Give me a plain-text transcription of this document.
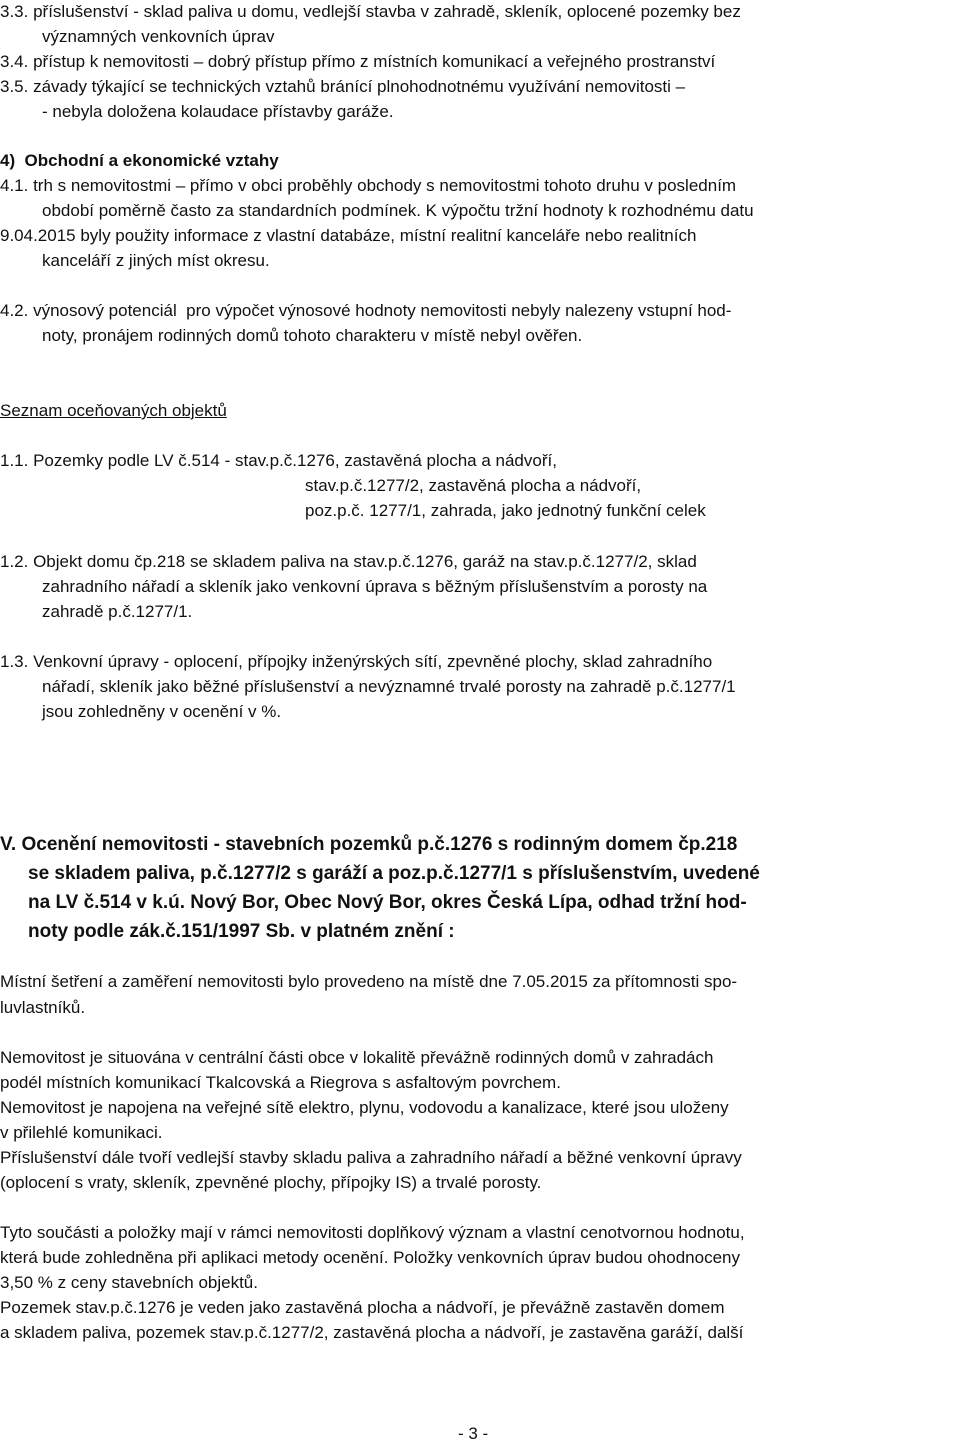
3.3. příslušenství - sklad paliva u domu, vedlejší stavba v zahradě, skleník, oplocené pozemky bez
významných venkovních úprav
3.4. přístup k nemovitosti – dobrý přístup přímo z místních komunikací a veřejného prostranství
3.5. závady týkající se technických vztahů bránící plnohodnotnému využívání nemovitosti –
- nebyla doložena kolaudace přístavby garáže.
4)  Obchodní a ekonomické vztahy
4.1. trh s nemovitostmi – přímo v obci proběhly obchody s nemovitostmi tohoto druhu v posledním
období poměrně často za standardních podmínek. K výpočtu tržní hodnoty k rozhodnému datu
9.04.2015 byly použity informace z vlastní databáze, místní realitní kanceláře nebo realitních
kanceláří z jiných míst okresu.
4.2. výnosový potenciál  pro výpočet výnosové hodnoty nemovitosti nebyly nalezeny vstupní hod-
noty, pronájem rodinných domů tohoto charakteru v místě nebyl ověřen.
Seznam oceňovaných objektů
1.1. Pozemky podle LV č.514 - stav.p.č.1276, zastavěná plocha a nádvoří,
stav.p.č.1277/2, zastavěná plocha a nádvoří,
poz.p.č. 1277/1, zahrada, jako jednotný funkční celek
1.2. Objekt domu čp.218 se skladem paliva na stav.p.č.1276, garáž na stav.p.č.1277/2, sklad
zahradního nářadí a skleník jako venkovní úprava s běžným příslušenstvím a porosty na
zahradě p.č.1277/1.
1.3. Venkovní úpravy - oplocení, přípojky inženýrských sítí, zpevněné plochy, sklad zahradního
nářadí, skleník jako běžné příslušenství a nevýznamné trvalé porosty na zahradě p.č.1277/1
jsou zohledněny v ocenění v %.
V. Ocenění nemovitosti - stavebních pozemků p.č.1276 s rodinným domem čp.218
se skladem paliva, p.č.1277/2 s garáží a poz.p.č.1277/1 s příslušenstvím, uvedené
na LV č.514 v k.ú. Nový Bor, Obec Nový Bor, okres Česká Lípa, odhad tržní hod-
noty podle zák.č.151/1997 Sb. v platném znění :
Místní šetření a zaměření nemovitosti bylo provedeno na místě dne 7.05.2015 za přítomnosti spo-
luvlastníků.
Nemovitost je situována v centrální části obce v lokalitě převážně rodinných domů v zahradách
podél místních komunikací Tkalcovská a Riegrova s asfaltovým povrchem.
Nemovitost je napojena na veřejné sítě elektro, plynu, vodovodu a kanalizace, které jsou uloženy
v přilehlé komunikaci.
Příslušenství dále tvoří vedlejší stavby skladu paliva a zahradního nářadí a běžné venkovní úpravy
(oplocení s vraty, skleník, zpevněné plochy, přípojky IS) a trvalé porosty.
Tyto součásti a položky mají v rámci nemovitosti doplňkový význam a vlastní cenotvornou hodnotu,
která bude zohledněna při aplikaci metody ocenění. Položky venkovních úprav budou ohodnoceny
3,50 % z ceny stavebních objektů.
Pozemek stav.p.č.1276 je veden jako zastavěná plocha a nádvoří, je převážně zastavěn domem
a skladem paliva, pozemek stav.p.č.1277/2, zastavěná plocha a nádvoří, je zastavěna garáží, další
- 3 -
